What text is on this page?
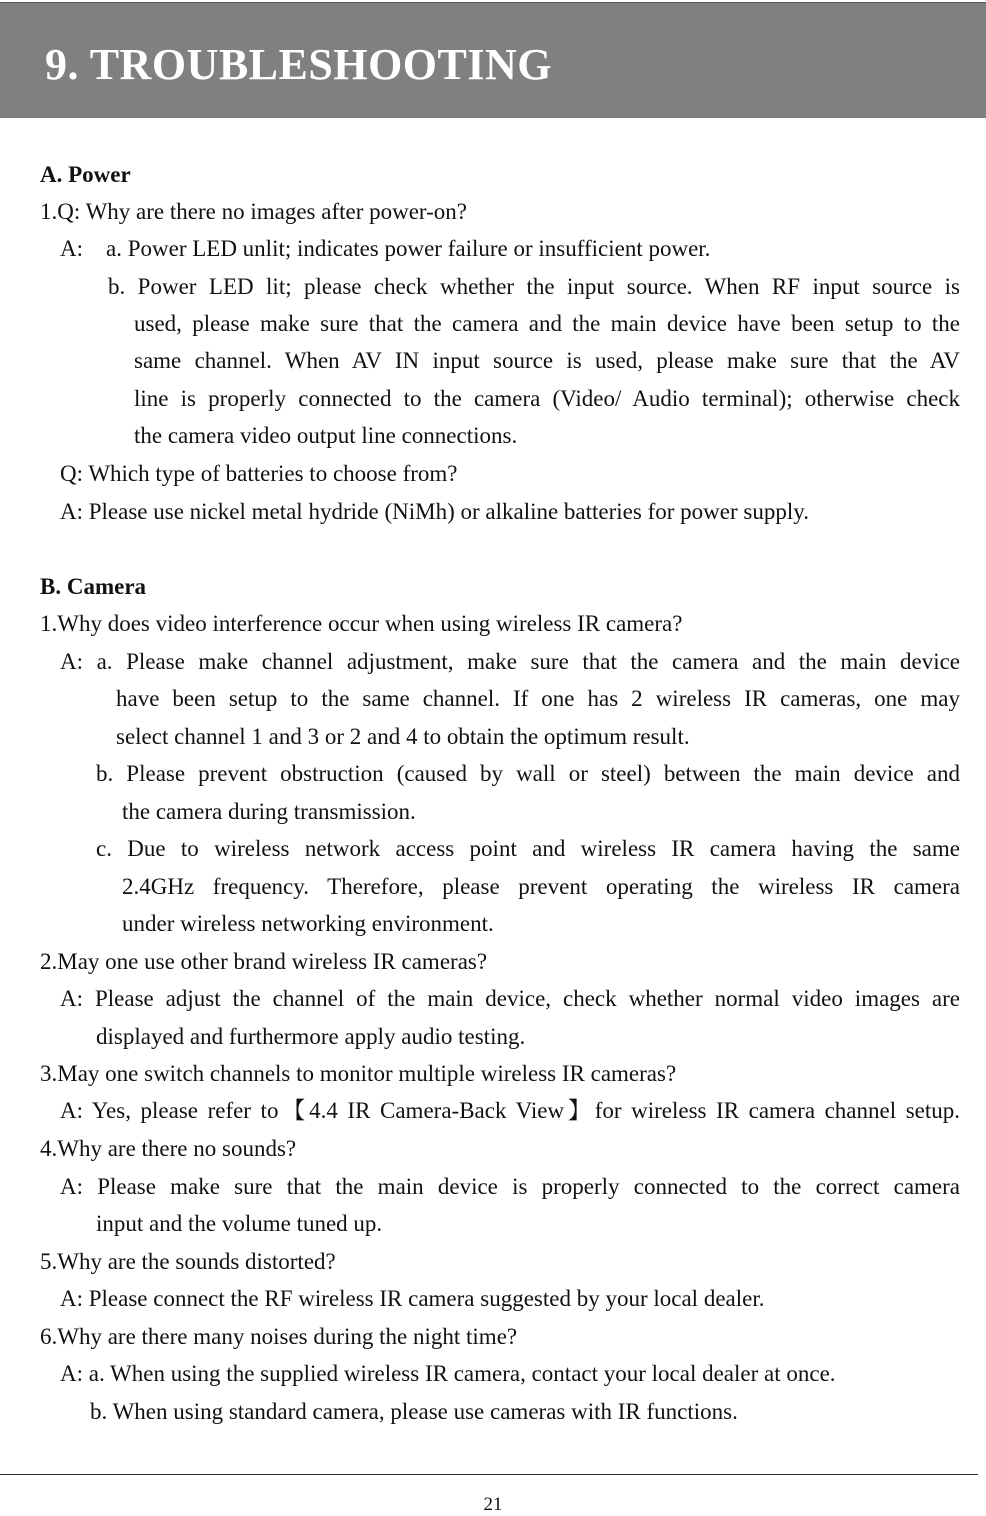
9. TROUBLESHOOTING
A. Power
1.Q: Why are there no images after power-on?
A:    a. Power LED unlit; indicates power failure or insufficient power.
b. Power LED lit; please check whether the input source. When RF input source is
used, please make sure that the camera and the main device have been setup to the
same channel. When AV IN input source is used, please make sure that the AV
line is properly connected to the camera (Video/ Audio terminal); otherwise check
the camera video output line connections.
Q: Which type of batteries to choose from?
A: Please use nickel metal hydride (NiMh) or alkaline batteries for power supply.
B. Camera
1.Why does video interference occur when using wireless IR camera?
A: a. Please make channel adjustment, make sure that the camera and the main device
have been setup to the same channel. If one has 2 wireless IR cameras, one may
select channel 1 and 3 or 2 and 4 to obtain the optimum result.
b. Please prevent obstruction (caused by wall or steel) between the main device and
the camera during transmission.
c. Due to wireless network access point and wireless IR camera having the same
2.4GHz frequency. Therefore, please prevent operating the wireless IR camera
under wireless networking environment.
2.May one use other brand wireless IR cameras?
A: Please adjust the channel of the main device, check whether normal video images are
displayed and furthermore apply audio testing.
3.May one switch channels to monitor multiple wireless IR cameras?
A: Yes, please refer to【4.4 IR Camera-Back View】for wireless IR camera channel setup.
4.Why are there no sounds?
A: Please make sure that the main device is properly connected to the correct camera
input and the volume tuned up.
5.Why are the sounds distorted?
A: Please connect the RF wireless IR camera suggested by your local dealer.
6.Why are there many noises during the night time?
A: a. When using the supplied wireless IR camera, contact your local dealer at once.
b. When using standard camera, please use cameras with IR functions.
21
